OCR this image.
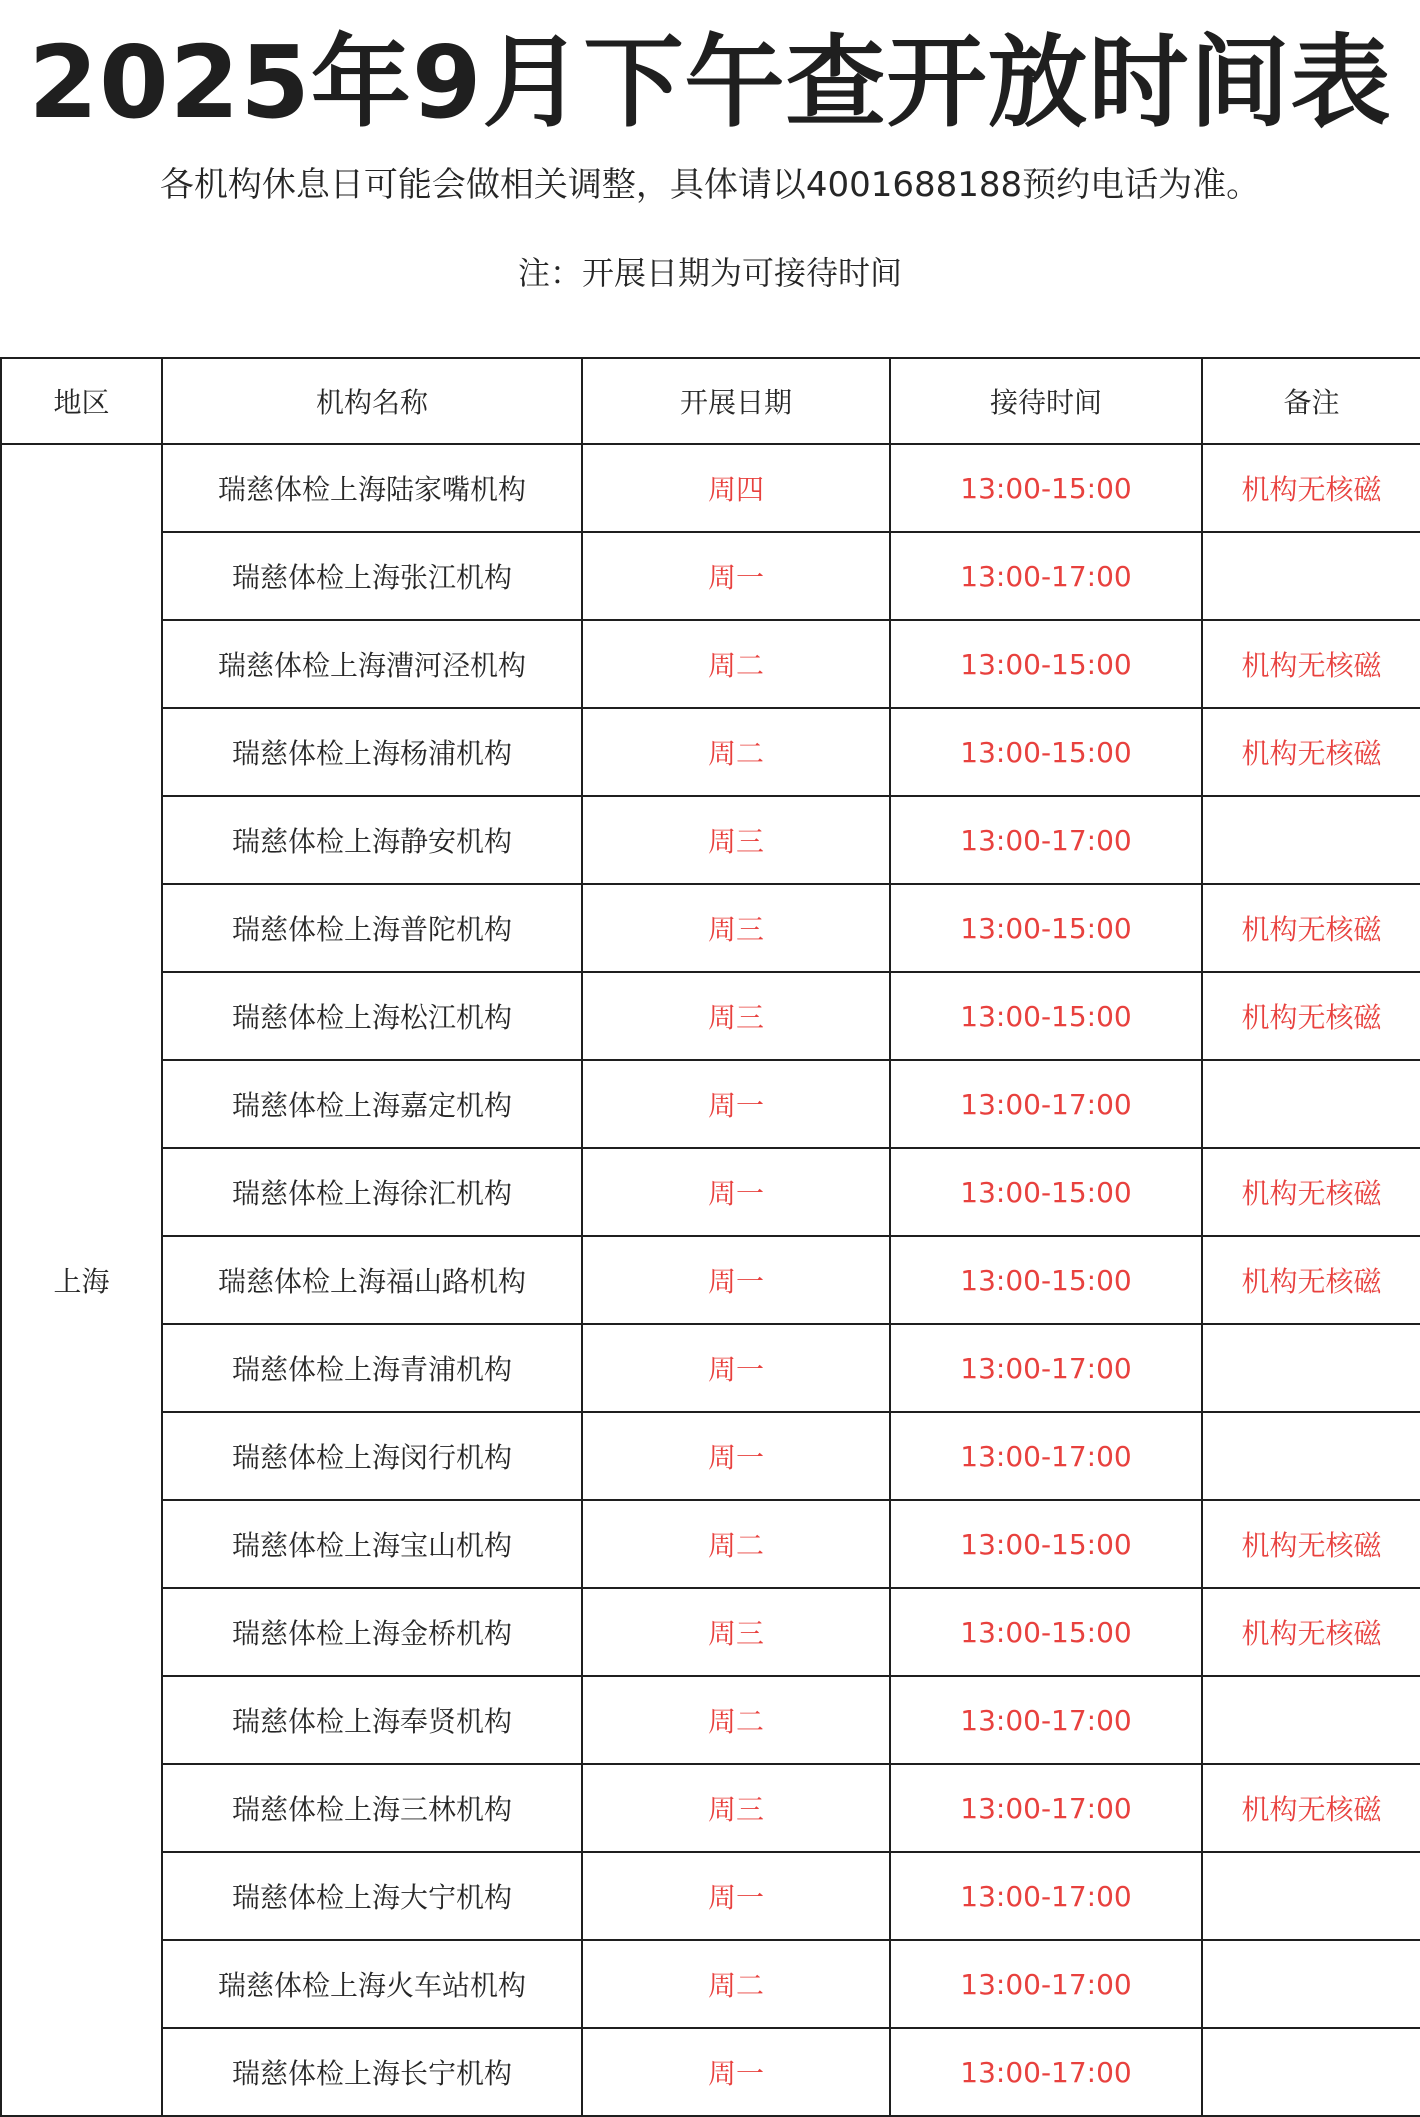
2025年9月下午查开放时间表
各机构休息日可能会做相关调整，具体请以4001688188预约电话为准。
注：开展日期为可接待时间
地区	机构名称	开展日期	接待时间	备注
上海	瑞慈体检上海陆家嘴机构	周四	13:00-15:00	机构无核磁
	瑞慈体检上海张江机构	周一	13:00-17:00	
	瑞慈体检上海漕河泾机构	周二	13:00-15:00	机构无核磁
	瑞慈体检上海杨浦机构	周二	13:00-15:00	机构无核磁
	瑞慈体检上海静安机构	周三	13:00-17:00	
	瑞慈体检上海普陀机构	周三	13:00-15:00	机构无核磁
	瑞慈体检上海松江机构	周三	13:00-15:00	机构无核磁
	瑞慈体检上海嘉定机构	周一	13:00-17:00	
	瑞慈体检上海徐汇机构	周一	13:00-15:00	机构无核磁
	瑞慈体检上海福山路机构	周一	13:00-15:00	机构无核磁
	瑞慈体检上海青浦机构	周一	13:00-17:00	
	瑞慈体检上海闵行机构	周一	13:00-17:00	
	瑞慈体检上海宝山机构	周二	13:00-15:00	机构无核磁
	瑞慈体检上海金桥机构	周三	13:00-15:00	机构无核磁
	瑞慈体检上海奉贤机构	周二	13:00-17:00	
	瑞慈体检上海三林机构	周三	13:00-17:00	机构无核磁
	瑞慈体检上海大宁机构	周一	13:00-17:00	
	瑞慈体检上海火车站机构	周二	13:00-17:00	
	瑞慈体检上海长宁机构	周一	13:00-17:00	
